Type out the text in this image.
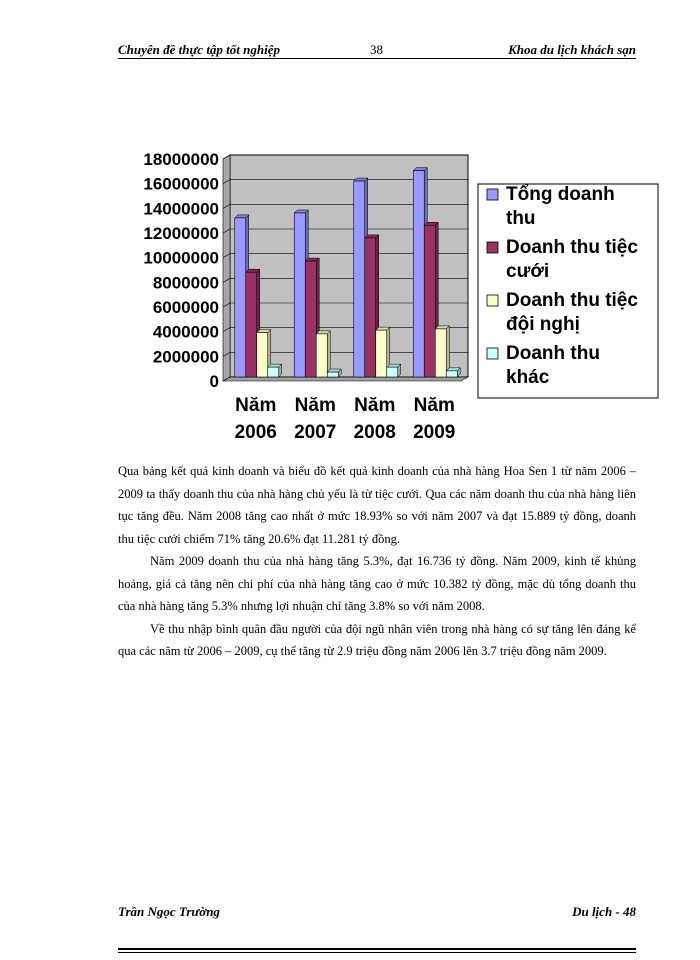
Chuyên đề thực tập tốt nghiệp	38	Khoa du lịch khách sạn
0
2000000
4000000
6000000
8000000
10000000
12000000
14000000
16000000
18000000
Năm
2006
Năm
2007
Năm
2008
Năm
2009
Tổng doanh
thu
Doanh thu tiệc
cưới
Doanh thu tiệc
đội nghị
Doanh thu
khác

Qua bảng kết quả kinh doanh và biểu đồ kết quả kinh doanh của nhà hàng Hoa Sen 1 từ năm 2006 – 2009 ta thấy doanh thu của nhà hàng chủ yếu là từ tiệc cưới. Qua các năm doanh thu của nhà hàng liên tục tăng đều. Năm 2008 tăng cao nhất ở mức 18.93% so với năm 2007 và đạt 15.889 tỷ đồng, doanh thu tiệc cưới chiếm 71% tăng 20.6% đạt 11.281 tỷ đồng.

Năm 2009 doanh thu của nhà hàng tăng 5.3%, đạt 16.736 tỷ đồng. Năm 2009, kinh tế khủng hoảng, giá cả tăng nên chi phí của nhà hàng tăng cao ở mức 10.382 tỷ đồng, mặc dù tổng doanh thu của nhà hàng tăng 5.3% nhưng lợi nhuận chỉ tăng 3.8% so với năm 2008.

Về thu nhập bình quân đầu người của đội ngũ nhân viên trong nhà hàng có sự tăng lên đáng kể qua các năm từ 2006 – 2009, cụ thể tăng từ 2.9 triệu đồng năm 2006 lên 3.7 triệu đồng năm 2009.

Trần Ngọc Trường	Du lịch - 48
